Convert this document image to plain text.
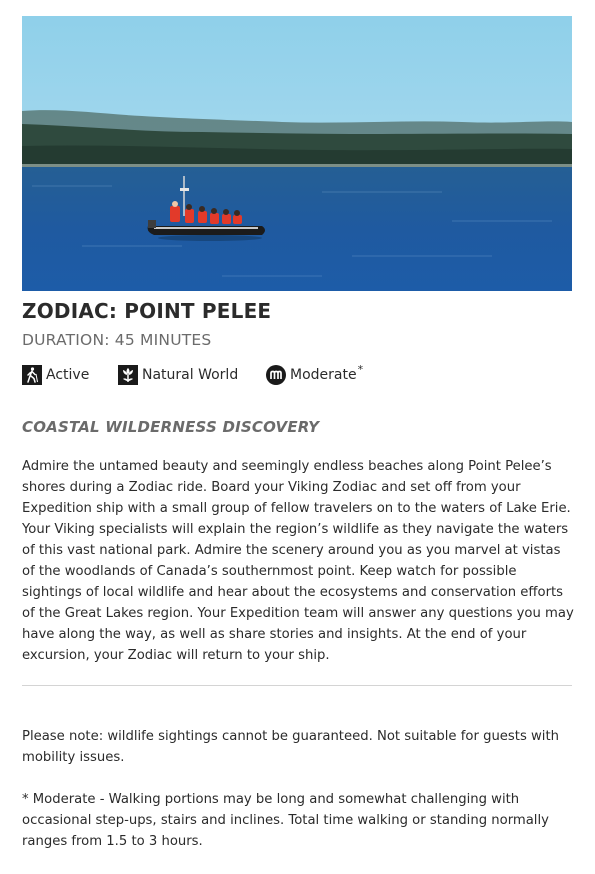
ZODIAC: POINT PELEE

DURATION: 45 MINUTES

Active	Natural World	Moderate *
COASTAL WILDERNESS DISCOVERY

Admire the untamed beauty and seemingly endless beaches along Point Pelee’s shores during a Zodiac ride. Board your Viking Zodiac and set off from your Expedition ship with a small group of fellow travelers on to the waters of Lake Erie. Your Viking specialists will explain the region’s wildlife as they navigate the waters of this vast national park. Admire the scenery around you as you marvel at vistas of the woodlands of Canada’s southernmost point. Keep watch for possible sightings of local wildlife and hear about the ecosystems and conservation efforts of the Great Lakes region. Your Expedition team will answer any questions you may have along the way, as well as share stories and insights. At the end of your excursion, your Zodiac will return to your ship.

Please note: wildlife sightings cannot be guaranteed. Not suitable for guests with mobility issues.

* Moderate - Walking portions may be long and somewhat challenging with occasional step-ups, stairs and inclines. Total time walking or standing normally ranges from 1.5 to 3 hours.
